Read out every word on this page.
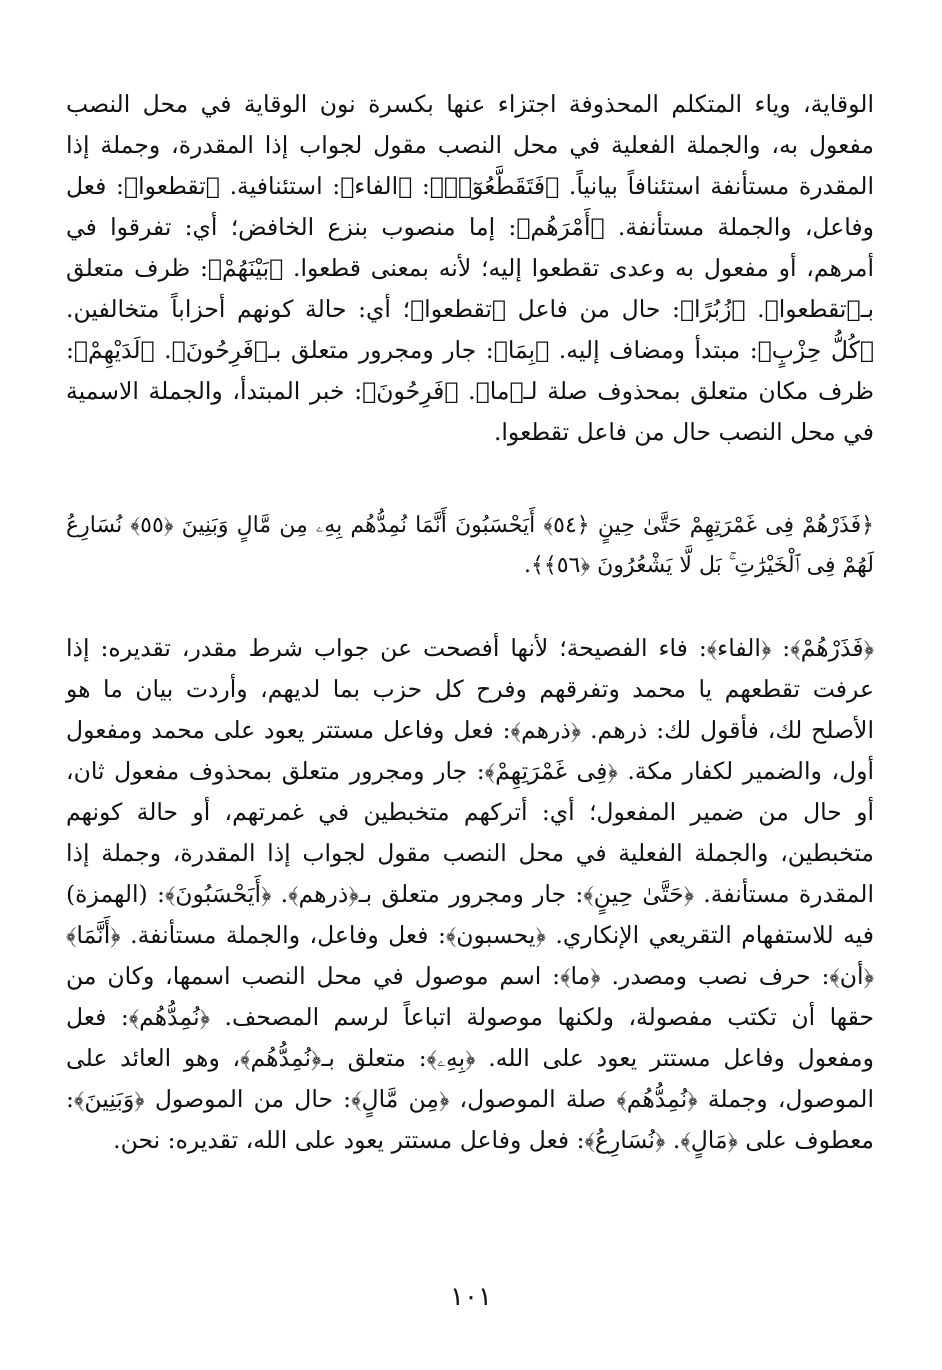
الوقاية، وياء المتكلم المحذوفة اجتزاء عنها بكسرة نون الوقاية في محل النصب مفعول به، والجملة الفعلية في محل النصب مقول لجواب إذا المقدرة، وجملة إذا المقدرة مستأنفة استئنافاً بيانياً. ﴿فَتَقَطَّعُوٓا۟﴾: ﴿الفاء﴾: استئنافية. ﴿تقطعوا﴾: فعل وفاعل، والجملة مستأنفة. ﴿أَمْرَهُم﴾: إما منصوب بنزع الخافض؛ أي: تفرقوا في أمرهم، أو مفعول به وعدى تقطعوا إليه؛ لأنه بمعنى قطعوا. ﴿بَيْنَهُمْ﴾: ظرف متعلق بـ﴿تقطعوا﴾. ﴿زُبُرًا﴾: حال من فاعل ﴿تقطعوا﴾؛ أي: حالة كونهم أحزاباً متخالفين. ﴿كُلُّ حِزْبٍ﴾: مبتدأ ومضاف إليه. ﴿بِمَا﴾: جار ومجرور متعلق بـ﴿فَرِحُونَ﴾. ﴿لَدَيْهِمْ﴾: ظرف مكان متعلق بمحذوف صلة لـ﴿ما﴾. ﴿فَرِحُونَ﴾: خبر المبتدأ، والجملة الاسمية في محل النصب حال من فاعل تقطعوا.

﴿فَذَرْهُمْ فِى غَمْرَتِهِمْ حَتَّىٰ حِينٍ ﴿٥٤﴾ أَيَحْسَبُونَ أَنَّمَا نُمِدُّهُم بِهِۦ مِن مَّالٍ وَبَنِينَ ﴿٥٥﴾ نُسَارِعُ لَهُمْ فِى ٱلْخَيْرَٰتِ ۚ بَل لَّا يَشْعُرُونَ ﴿٥٦﴾﴾.

﴿فَذَرْهُمْ﴾: ﴿الفاء﴾: فاء الفصيحة؛ لأنها أفصحت عن جواب شرط مقدر، تقديره: إذا عرفت تقطعهم يا محمد وتفرقهم وفرح كل حزب بما لديهم، وأردت بيان ما هو الأصلح لك، فأقول لك: ذرهم. ﴿ذرهم﴾: فعل وفاعل مستتر يعود على محمد ومفعول أول، والضمير لكفار مكة. ﴿فِى غَمْرَتِهِمْ﴾: جار ومجرور متعلق بمحذوف مفعول ثان، أو حال من ضمير المفعول؛ أي: أتركهم متخبطين في غمرتهم، أو حالة كونهم متخبطين، والجملة الفعلية في محل النصب مقول لجواب إذا المقدرة، وجملة إذا المقدرة مستأنفة. ﴿حَتَّىٰ حِينٍ﴾: جار ومجرور متعلق بـ﴿ذرهم﴾. ﴿أَيَحْسَبُونَ﴾: (الهمزة) فيه للاستفهام التقريعي الإنكاري. ﴿يحسبون﴾: فعل وفاعل، والجملة مستأنفة. ﴿أَنَّمَا﴾ ﴿أن﴾: حرف نصب ومصدر. ﴿ما﴾: اسم موصول في محل النصب اسمها، وكان من حقها أن تكتب مفصولة، ولكنها موصولة اتباعاً لرسم المصحف. ﴿نُمِدُّهُم﴾: فعل ومفعول وفاعل مستتر يعود على الله. ﴿بِهِۦ﴾: متعلق بـ﴿نُمِدُّهُم﴾، وهو العائد على الموصول، وجملة ﴿نُمِدُّهُم﴾ صلة الموصول، ﴿مِن مَّالٍ﴾: حال من الموصول ﴿وَبَنِينَ﴾: معطوف على ﴿مَالٍ﴾. ﴿نُسَارِعُ﴾: فعل وفاعل مستتر يعود على الله، تقديره: نحن.

١٠١
